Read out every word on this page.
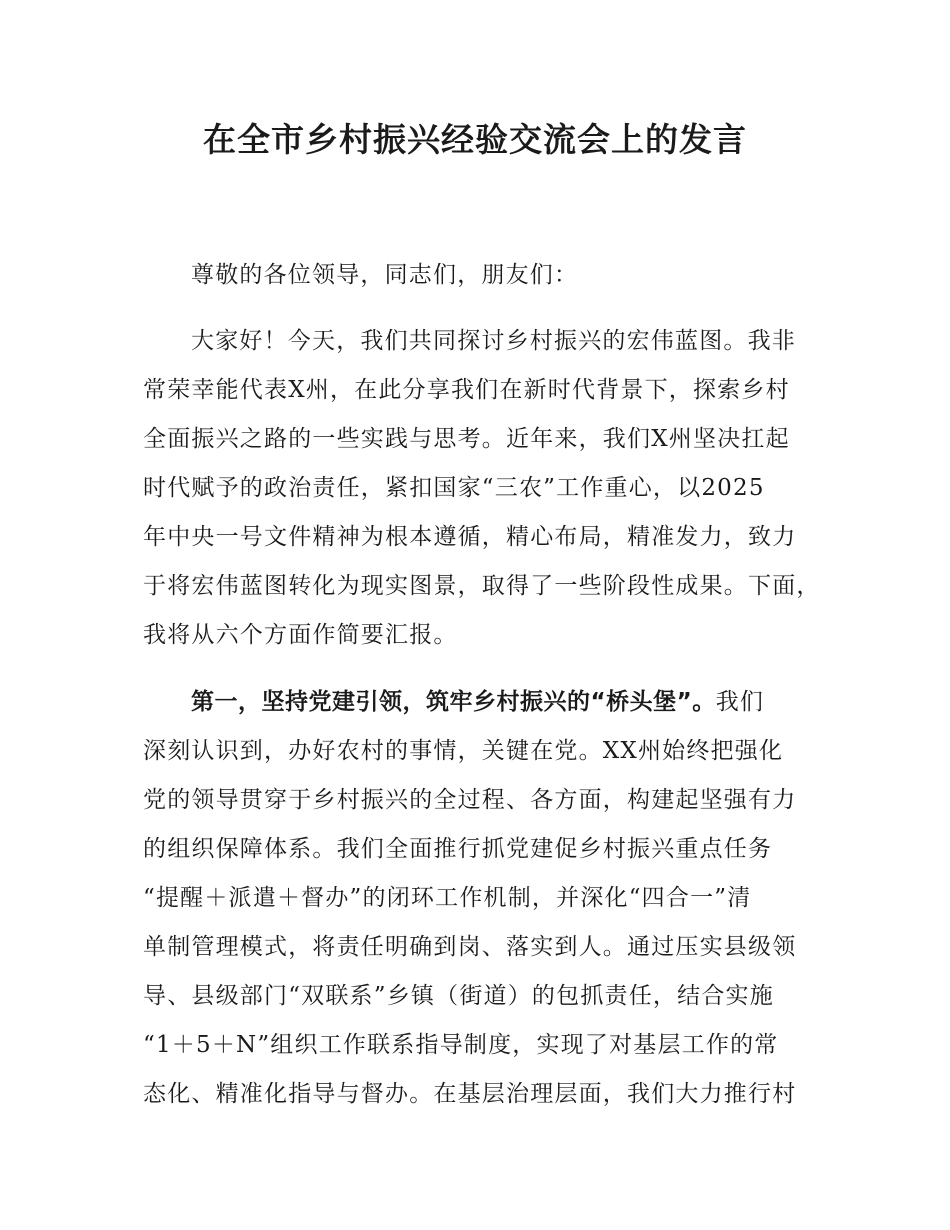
在全市乡村振兴经验交流会上的发言

尊敬的各位领导，同志们，朋友们：

大家好！今天，我们共同探讨乡村振兴的宏伟蓝图。我非

常荣幸能代表X州，在此分享我们在新时代背景下，探索乡村

全面振兴之路的一些实践与思考。近年来，我们X州坚决扛起

时代赋予的政治责任，紧扣国家“三农”工作重心，以2025

年中央一号文件精神为根本遵循，精心布局，精准发力，致力

于将宏伟蓝图转化为现实图景，取得了一些阶段性成果。下面，

我将从六个方面作简要汇报。

第一，坚持党建引领，筑牢乡村振兴的“桥头堡”。我们

深刻认识到，办好农村的事情，关键在党。XX州始终把强化

党的领导贯穿于乡村振兴的全过程、各方面，构建起坚强有力

的组织保障体系。我们全面推行抓党建促乡村振兴重点任务

“提醒＋派遣＋督办”的闭环工作机制，并深化“四合一”清

单制管理模式，将责任明确到岗、落实到人。通过压实县级领

导、县级部门“双联系”乡镇（街道）的包抓责任，结合实施

“1＋5＋N”组织工作联系指导制度，实现了对基层工作的常

态化、精准化指导与督办。在基层治理层面，我们大力推行村
